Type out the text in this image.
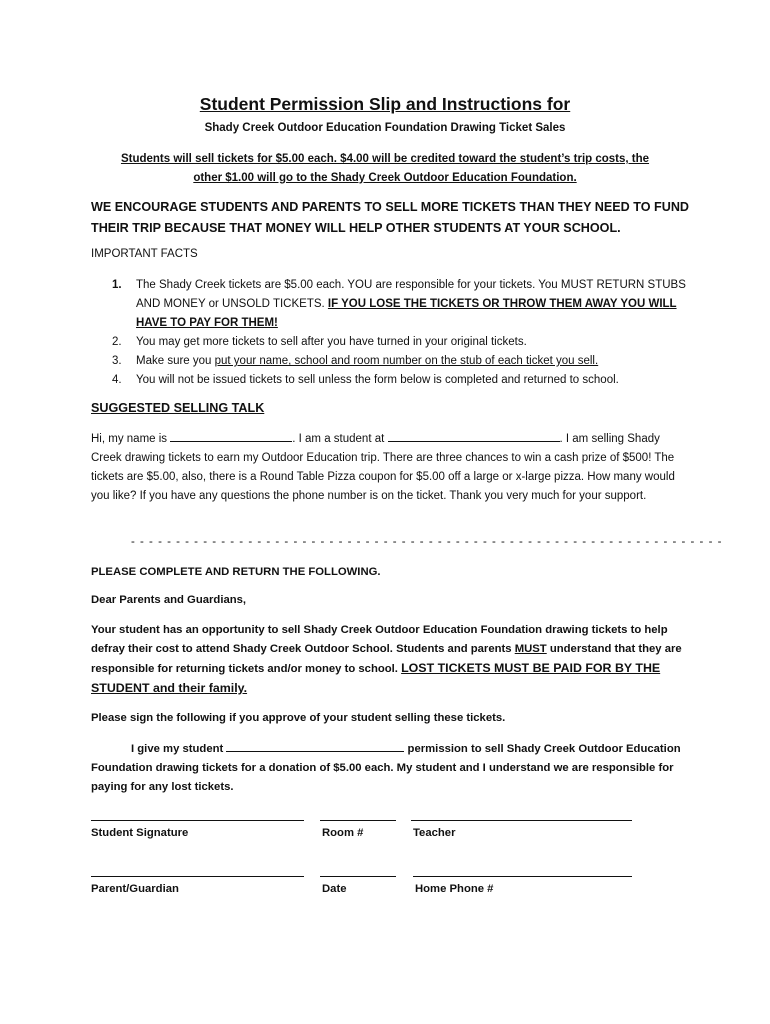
Student Permission Slip and Instructions for
Shady Creek Outdoor Education Foundation Drawing Ticket Sales
Students will sell tickets for $5.00 each. $4.00 will be credited toward the student’s trip costs, the
other $1.00 will go to the Shady Creek Outdoor Education Foundation.
WE ENCOURAGE STUDENTS AND PARENTS TO SELL MORE TICKETS THAN THEY NEED TO FUND THEIR TRIP BECAUSE THAT MONEY WILL HELP OTHER STUDENTS AT YOUR SCHOOL.
IMPORTANT FACTS
1. The Shady Creek tickets are $5.00 each. YOU are responsible for your tickets. You MUST RETURN STUBS AND MONEY or UNSOLD TICKETS. IF YOU LOSE THE TICKETS OR THROW THEM AWAY YOU WILL HAVE TO PAY FOR THEM!
2. You may get more tickets to sell after you have turned in your original tickets.
3. Make sure you put your name, school and room number on the stub of each ticket you sell.
4. You will not be issued tickets to sell unless the form below is completed and returned to school.
SUGGESTED SELLING TALK
Hi, my name is	. I am a student at	. I am selling Shady Creek drawing tickets to earn my Outdoor Education trip. There are three chances to win a cash prize of $500! The tickets are $5.00, also, there is a Round Table Pizza coupon for $5.00 off a large or x-large pizza. How many would you like? If you have any questions the phone number is on the ticket. Thank you very much for your support.
- - - - - - - - - - - - - - - - - - - - - - - - - - - - - - - - - - - - - - - - - - - - - - - - - - - - - - - - - - - - - - - - - -
PLEASE COMPLETE AND RETURN THE FOLLOWING.
Dear Parents and Guardians,
Your student has an opportunity to sell Shady Creek Outdoor Education Foundation drawing tickets to help defray their cost to attend Shady Creek Outdoor School. Students and parents MUST understand that they are responsible for returning tickets and/or money to school. LOST TICKETS MUST BE PAID FOR BY THE STUDENT and their family.
Please sign the following if you approve of your student selling these tickets.
I give my student	permission to sell Shady Creek Outdoor Education Foundation drawing tickets for a donation of $5.00 each. My student and I understand we are responsible for paying for any lost tickets.
Student Signature	Room #	Teacher
Parent/Guardian	Date	Home Phone #
